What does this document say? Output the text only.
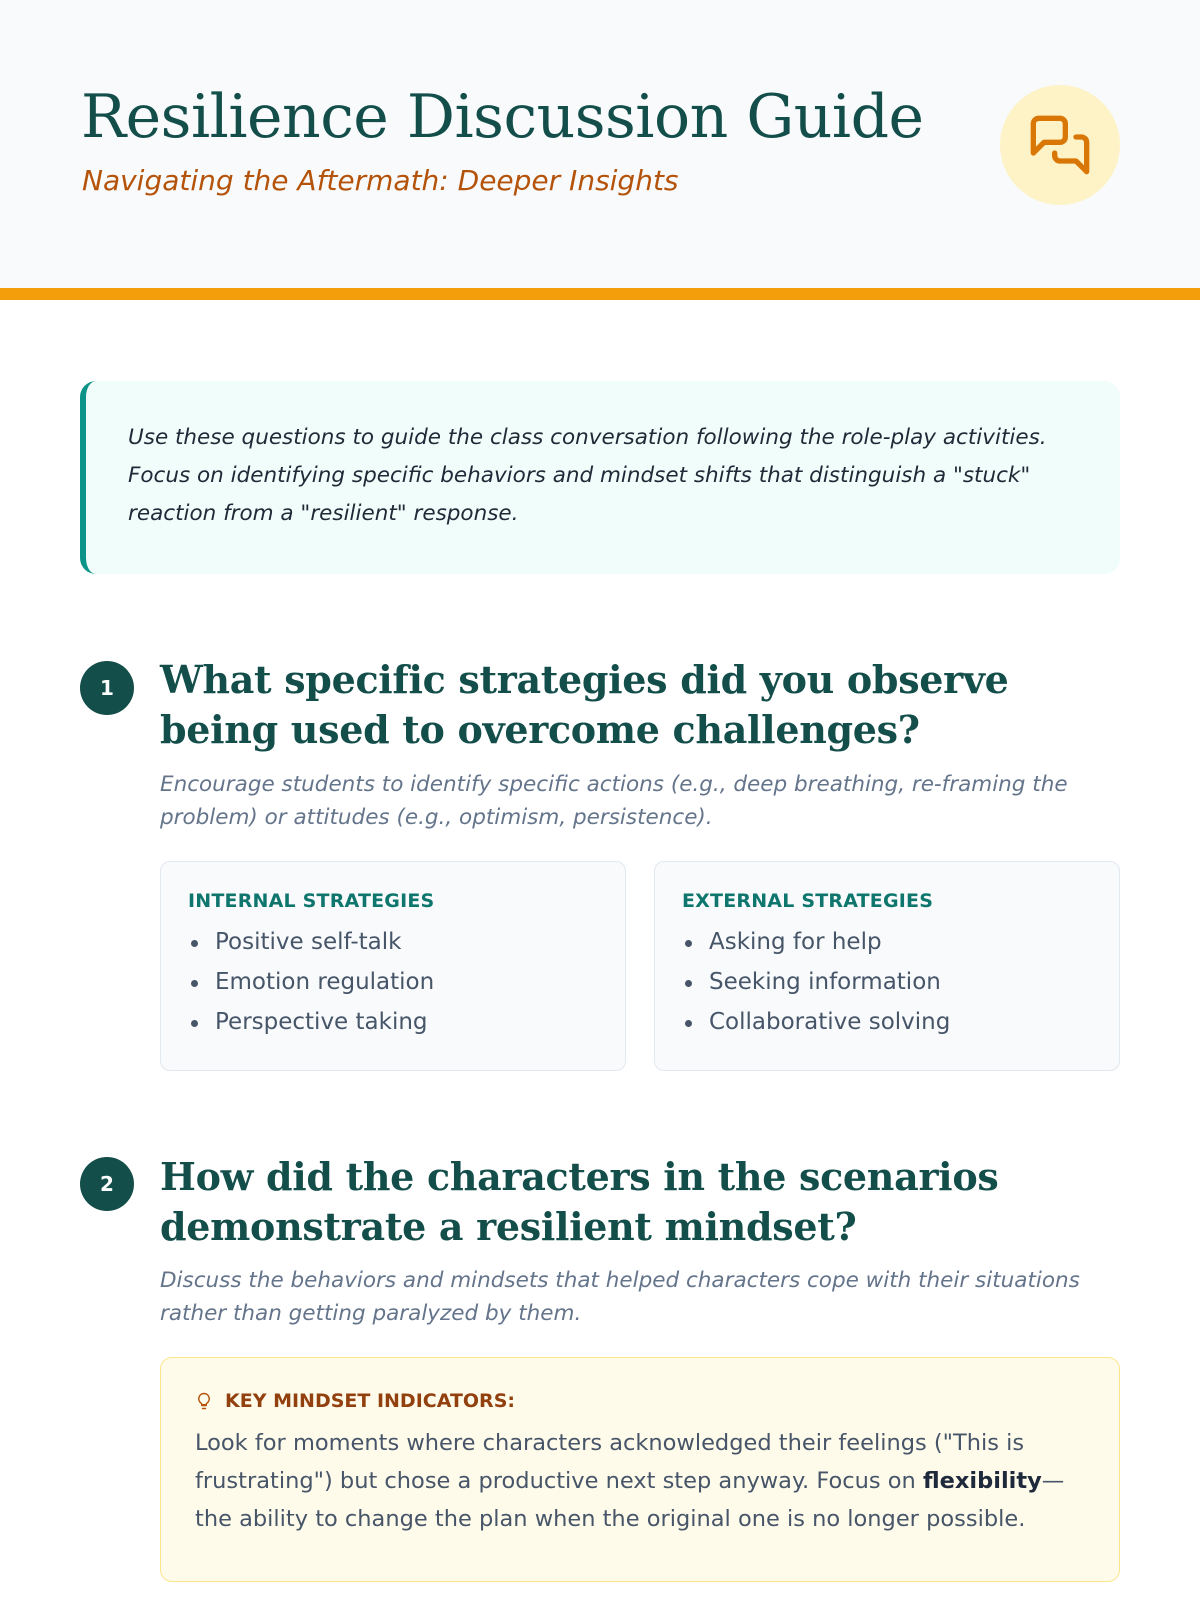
Resilience Discussion Guide
Navigating the Aftermath: Deeper Insights

Use these questions to guide the class conversation following the role-play activities. Focus on identifying specific behaviors and mindset shifts that distinguish a "stuck" reaction from a "resilient" response.

1	What specific strategies did you observe being used to overcome challenges?

Encourage students to identify specific actions (e.g., deep breathing, re-framing the problem) or attitudes (e.g., optimism, persistence).

INTERNAL STRATEGIES
Positive self-talk
Emotion regulation
Perspective taking
EXTERNAL STRATEGIES
Asking for help
Seeking information
Collaborative solving
2	How did the characters in the scenarios demonstrate a resilient mindset?

Discuss the behaviors and mindsets that helped characters cope with their situations rather than getting paralyzed by them.

KEY MINDSET INDICATORS:

Look for moments where characters acknowledged their feelings ("This is frustrating") but chose a productive next step anyway. Focus on flexibility—the ability to change the plan when the original one is no longer possible.
